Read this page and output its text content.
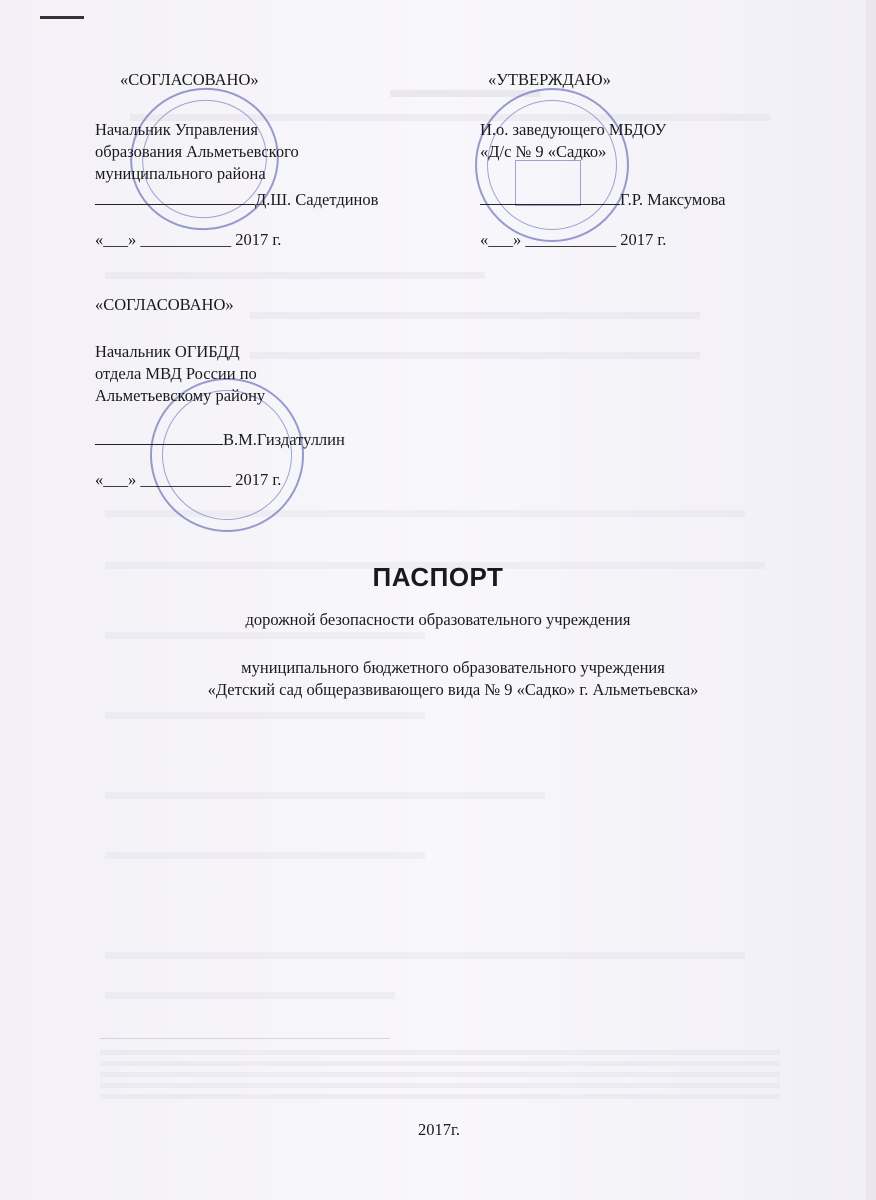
«СОГЛАСОВАНО»
Начальник Управления
образования Альметьевского
муниципального района
Д.Ш. Садетдинов
«___» ___________ 2017 г.
«УТВЕРЖДАЮ»
И.о. заведующего МБДОУ
«Д/с № 9 «Садко»
Г.Р. Максумова
«___» ___________ 2017 г.
«СОГЛАСОВАНО»
Начальник ОГИБДД
отдела МВД России по
Альметьевскому району
В.М.Гиздатуллин
«___» ___________ 2017 г.
ПАСПОРТ
дорожной безопасности образовательного учреждения
муниципального бюджетного образовательного учреждения
«Детский сад общеразвивающего вида № 9 «Садко» г. Альметьевска»
2017г.
